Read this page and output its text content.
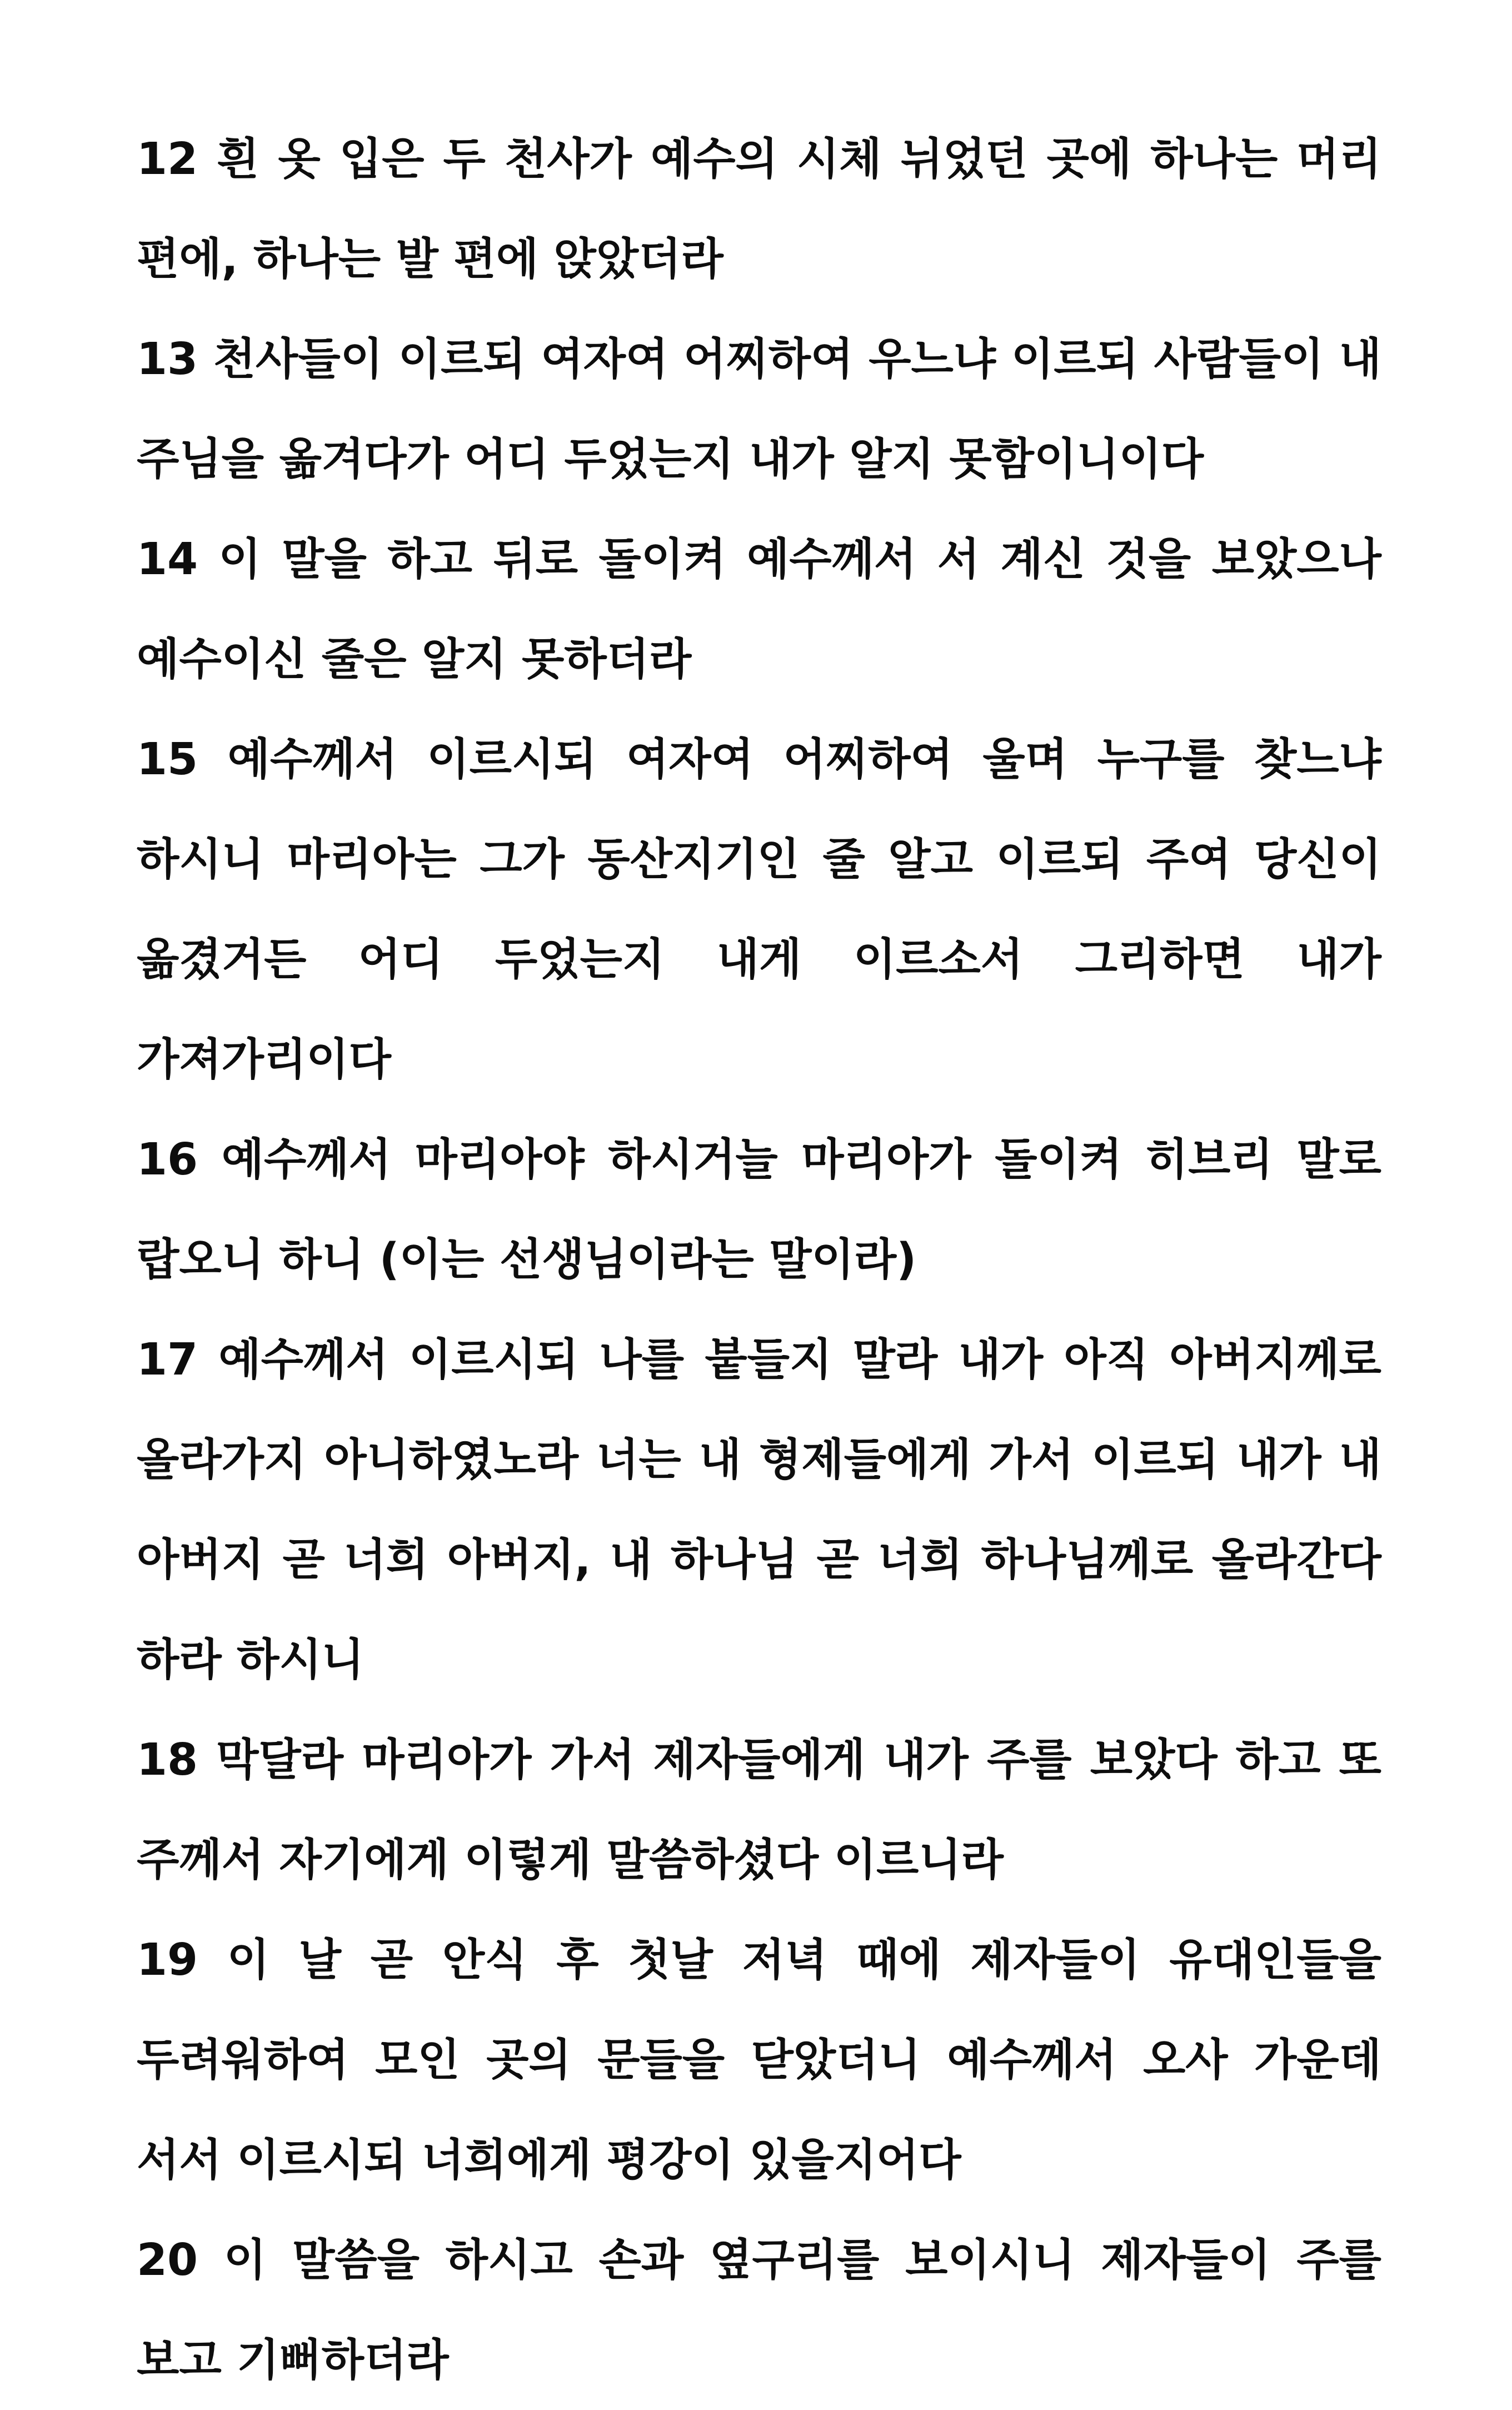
12 흰 옷 입은 두 천사가 예수의 시체 뉘었던 곳에 하나는 머리 편에, 하나는 발 편에 앉았더라

13 천사들이 이르되 여자여 어찌하여 우느냐 이르되 사람들이 내 주님을 옮겨다가 어디 두었는지 내가 알지 못함이니이다

14 이 말을 하고 뒤로 돌이켜 예수께서 서 계신 것을 보았으나 예수이신 줄은 알지 못하더라

15 예수께서 이르시되 여자여 어찌하여 울며 누구를 찾느냐 하시니 마리아는 그가 동산지기인 줄 알고 이르되 주여 당신이 옮겼거든 어디 두었는지 내게 이르소서 그리하면 내가 가져가리이다

16 예수께서 마리아야 하시거늘 마리아가 돌이켜 히브리 말로 랍오니 하니 (이는 선생님이라는 말이라)

17 예수께서 이르시되 나를 붙들지 말라 내가 아직 아버지께로 올라가지 아니하였노라 너는 내 형제들에게 가서 이르되 내가 내 아버지 곧 너희 아버지, 내 하나님 곧 너희 하나님께로 올라간다 하라 하시니

18 막달라 마리아가 가서 제자들에게 내가 주를 보았다 하고 또 주께서 자기에게 이렇게 말씀하셨다 이르니라

19 이 날 곧 안식 후 첫날 저녁 때에 제자들이 유대인들을 두려워하여 모인 곳의 문들을 닫았더니 예수께서 오사 가운데 서서 이르시되 너희에게 평강이 있을지어다

20 이 말씀을 하시고 손과 옆구리를 보이시니 제자들이 주를 보고 기뻐하더라
